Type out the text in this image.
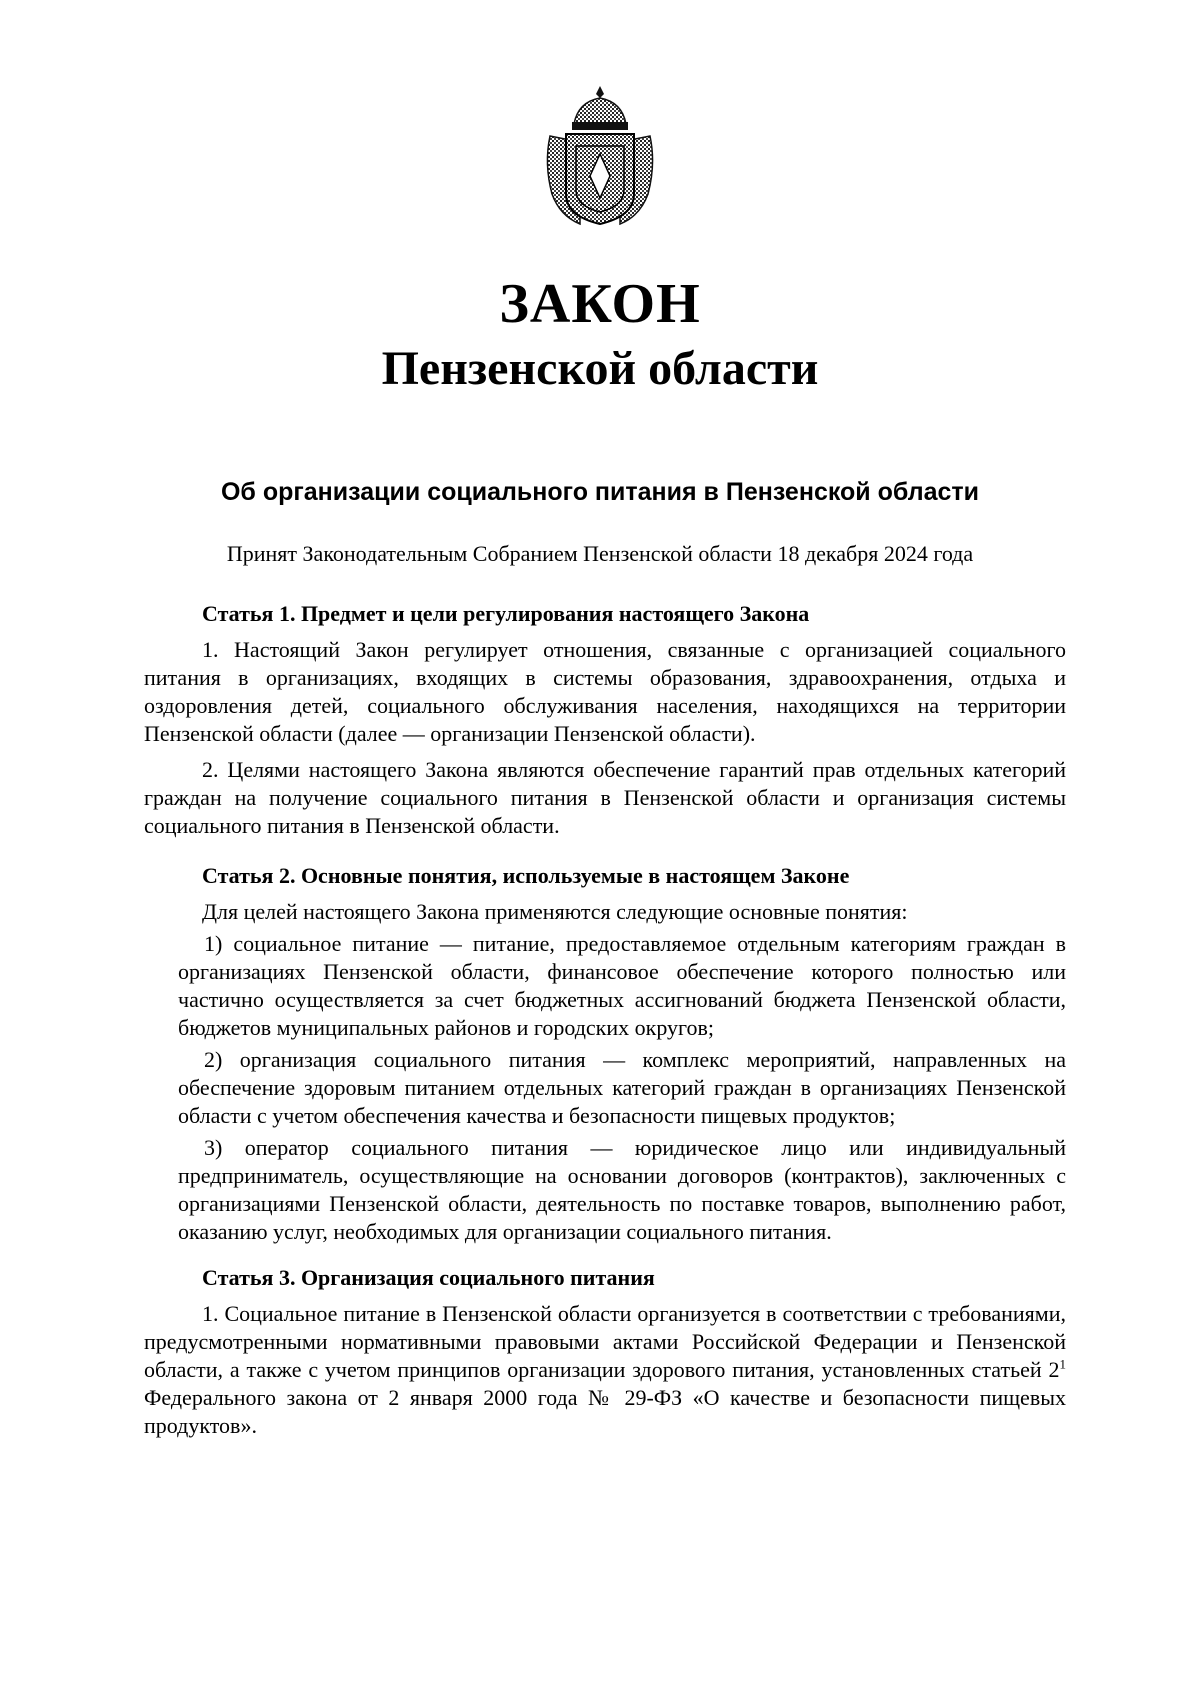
ЗАКОН
Пензенской области
Об организации социального питания в Пензенской области
Принят Законодательным Собранием Пензенской области 18 декабря 2024 года
Статья 1. Предмет и цели регулирования настоящего Закона
1. Настоящий Закон регулирует отношения, связанные с организацией социального питания в организациях, входящих в системы образования, здравоохранения, отдыха и оздоровления детей, социального обслуживания населения, находящихся на территории Пензенской области (далее — организации Пензенской области).
2. Целями настоящего Закона являются обеспечение гарантий прав отдельных категорий граждан на получение социального питания в Пензенской области и организация системы социального питания в Пензенской области.
Статья 2. Основные понятия, используемые в настоящем Законе
Для целей настоящего Закона применяются следующие основные понятия:
1) социальное питание — питание, предоставляемое отдельным категориям граждан в организациях Пензенской области, финансовое обеспечение которого полностью или частично осуществляется за счет бюджетных ассигнований бюджета Пензенской области, бюджетов муниципальных районов и городских округов;
2) организация социального питания — комплекс мероприятий, направленных на обеспечение здоровым питанием отдельных категорий граждан в организациях Пензенской области с учетом обеспечения качества и безопасности пищевых продуктов;
3) оператор социального питания — юридическое лицо или индивидуальный предприниматель, осуществляющие на основании договоров (контрактов), заключенных с организациями Пензенской области, деятельность по поставке товаров, выполнению работ, оказанию услуг, необходимых для организации социального питания.
Статья 3. Организация социального питания
1. Социальное питание в Пензенской области организуется в соответствии с требованиями, предусмотренными нормативными правовыми актами Российской Федерации и Пензенской области, а также с учетом принципов организации здорового питания, установленных статьей $2^1$ Федерального закона от 2 января 2000 года № 29-ФЗ «О качестве и безопасности пищевых продуктов».
